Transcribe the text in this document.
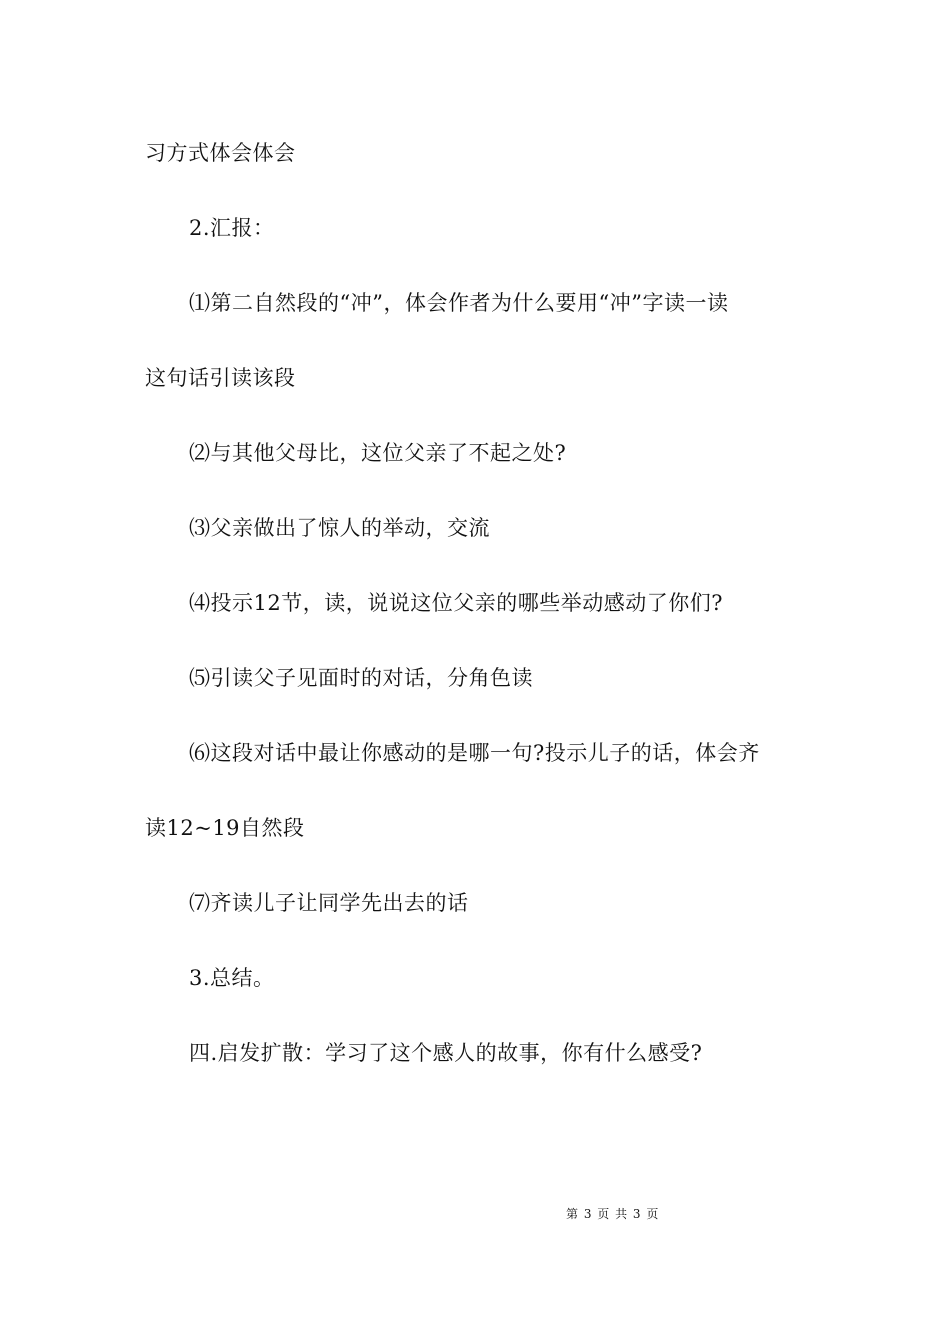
习方式体会体会
2.汇报：
⑴第二自然段的“冲”，体会作者为什么要用“冲”字读一读
这句话引读该段
⑵与其他父母比，这位父亲了不起之处?
⑶父亲做出了惊人的举动，交流
⑷投示12节，读，说说这位父亲的哪些举动感动了你们?
⑸引读父子见面时的对话，分角色读
⑹这段对话中最让你感动的是哪一句?投示儿子的话，体会齐
读12~19自然段
⑺齐读儿子让同学先出去的话
3.总结。
四.启发扩散：学习了这个感人的故事，你有什么感受?
第 3 页 共 3 页
